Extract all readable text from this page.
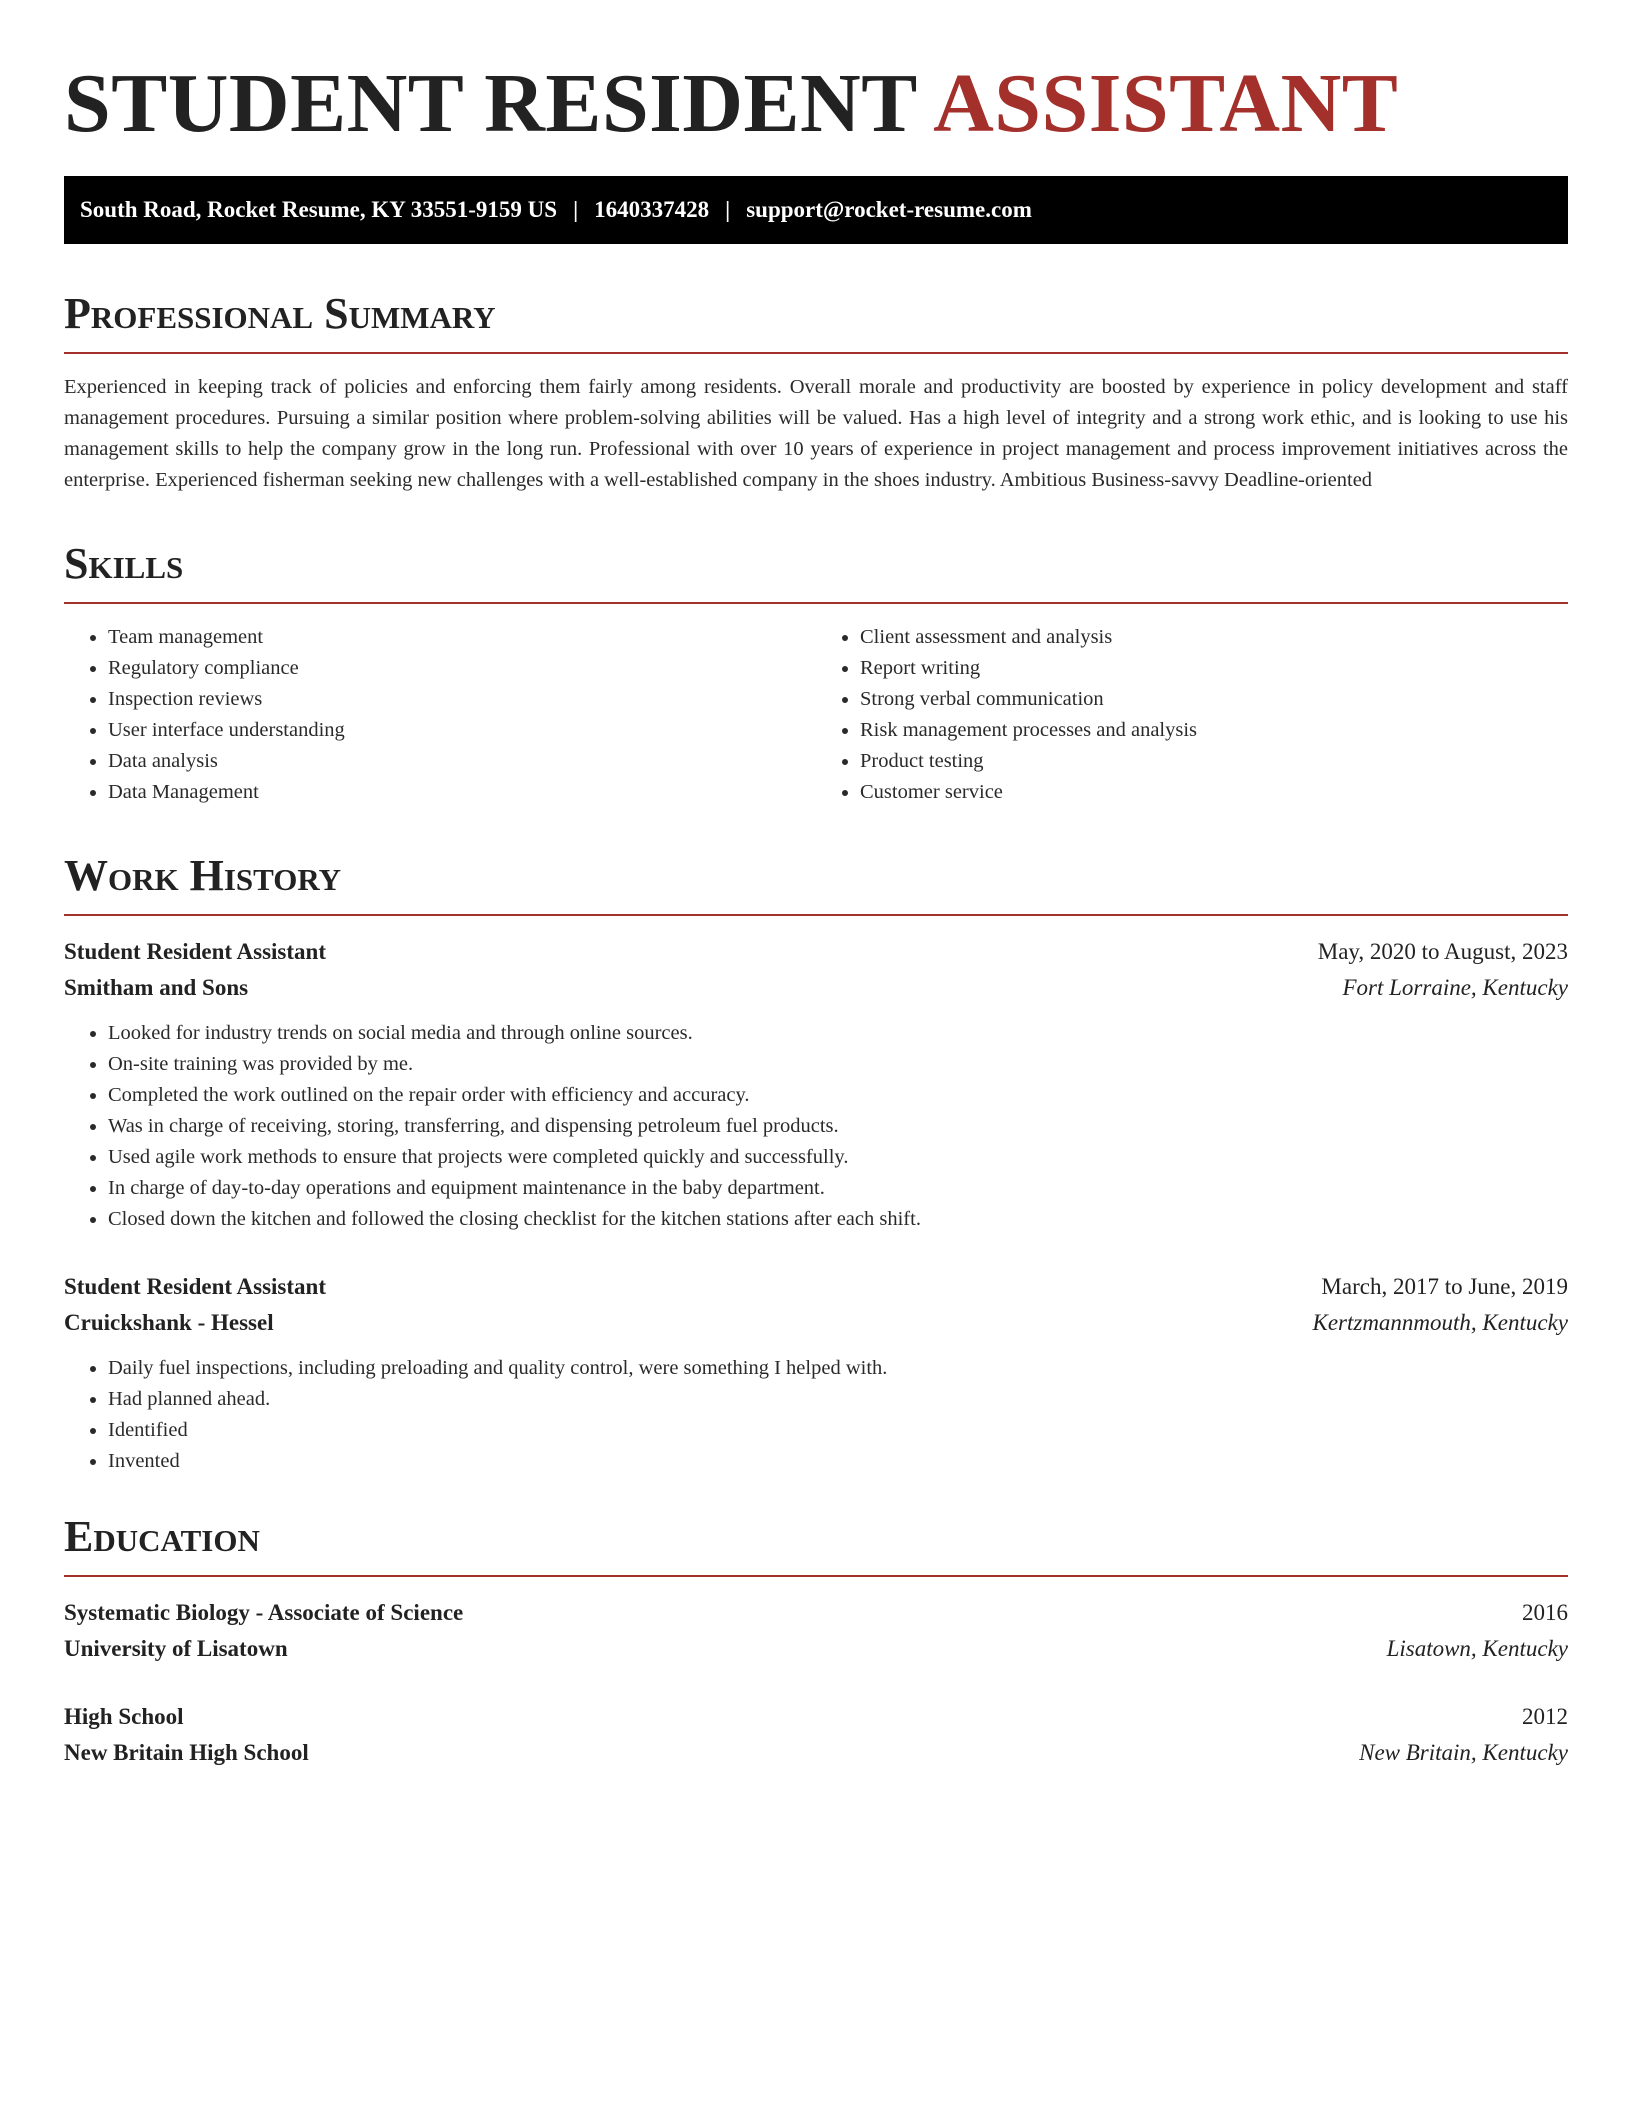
STUDENT RESIDENT ASSISTANT
South Road, Rocket Resume, KY 33551-9159 US | 1640337428 | support@rocket-resume.com
Professional Summary

Experienced in keeping track of policies and enforcing them fairly among residents. Overall morale and productivity are boosted by experience in policy development and staff management procedures. Pursuing a similar position where problem-solving abilities will be valued. Has a high level of integrity and a strong work ethic, and is looking to use his management skills to help the company grow in the long run. Professional with over 10 years of experience in project management and process improvement initiatives across the enterprise. Experienced fisherman seeking new challenges with a well-established company in the shoes industry. Ambitious Business-savvy Deadline-oriented

Skills
• Team management
• Regulatory compliance
• Inspection reviews
• User interface understanding
• Data analysis
• Data Management
• Client assessment and analysis
• Report writing
• Strong verbal communication
• Risk management processes and analysis
• Product testing
• Customer service
Work History
Student Resident Assistant	May, 2020 to August, 2023
Smitham and Sons	Fort Lorraine, Kentucky
• Looked for industry trends on social media and through online sources.
• On-site training was provided by me.
• Completed the work outlined on the repair order with efficiency and accuracy.
• Was in charge of receiving, storing, transferring, and dispensing petroleum fuel products.
• Used agile work methods to ensure that projects were completed quickly and successfully.
• In charge of day-to-day operations and equipment maintenance in the baby department.
• Closed down the kitchen and followed the closing checklist for the kitchen stations after each shift.
Student Resident Assistant	March, 2017 to June, 2019
Cruickshank - Hessel	Kertzmannmouth, Kentucky
• Daily fuel inspections, including preloading and quality control, were something I helped with.
• Had planned ahead.
• Identified
• Invented
Education
Systematic Biology - Associate of Science	2016
University of Lisatown	Lisatown, Kentucky
High School	2012
New Britain High School	New Britain, Kentucky
